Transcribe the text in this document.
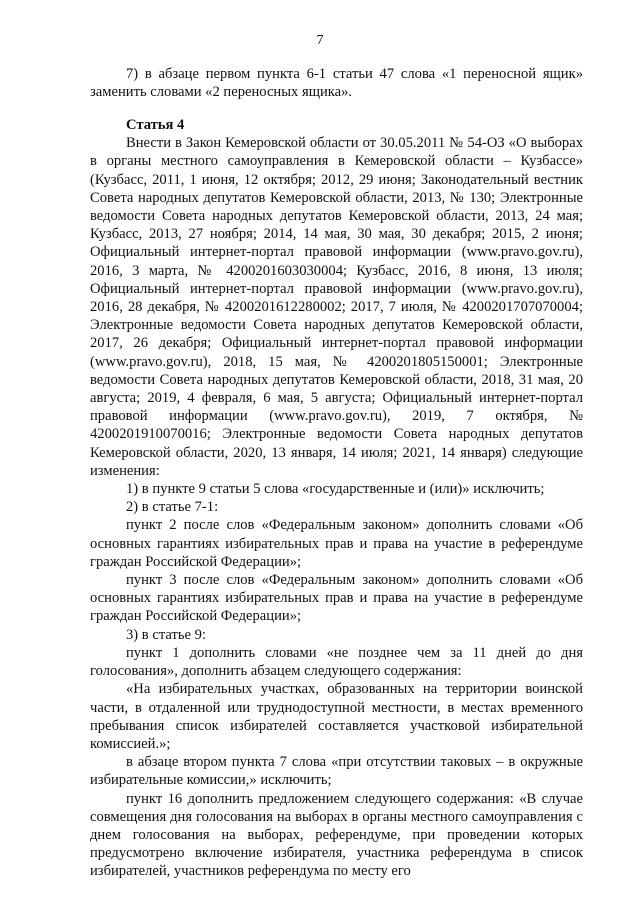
7

7) в абзаце первом пункта 6-1 статьи 47 слова «1 переносной ящик» заменить словами «2 переносных ящика».

Статья 4

Внести в Закон Кемеровской области от 30.05.2011 № 54-ОЗ «О выборах в органы местного самоуправления в Кемеровской области – Кузбассе» (Кузбасс, 2011, 1 июня, 12 октября; 2012, 29 июня; Законодательный вестник Совета народных депутатов Кемеровской области, 2013, № 130; Электронные ведомости Совета народных депутатов Кемеровской области, 2013, 24 мая; Кузбасс, 2013, 27 ноября; 2014, 14 мая, 30 мая, 30 декабря; 2015, 2 июня; Официальный интернет-портал правовой информации (www.pravo.gov.ru), 2016, 3 марта, № 4200201603030004; Кузбасс, 2016, 8 июня, 13 июля; Официальный интернет-портал правовой информации (www.pravo.gov.ru), 2016, 28 декабря, № 4200201612280002; 2017, 7 июля, № 4200201707070004; Электронные ведомости Совета народных депутатов Кемеровской области, 2017, 26 декабря; Официальный интернет-портал правовой информации (www.pravo.gov.ru), 2018, 15 мая, № 4200201805150001; Электронные ведомости Совета народных депутатов Кемеровской области, 2018, 31 мая, 20 августа; 2019, 4 февраля, 6 мая, 5 августа; Официальный интернет-портал правовой информации (www.pravo.gov.ru), 2019, 7 октября, № 4200201910070016; Электронные ведомости Совета народных депутатов Кемеровской области, 2020, 13 января, 14 июля; 2021, 14 января) следующие изменения:

1) в пункте 9 статьи 5 слова «государственные и (или)» исключить;

2) в статье 7-1:

пункт 2 после слов «Федеральным законом» дополнить словами «Об основных гарантиях избирательных прав и права на участие в референдуме граждан Российской Федерации»;

пункт 3 после слов «Федеральным законом» дополнить словами «Об основных гарантиях избирательных прав и права на участие в референдуме граждан Российской Федерации»;

3) в статье 9:

пункт 1 дополнить словами «не позднее чем за 11 дней до дня голосования», дополнить абзацем следующего содержания:

«На избирательных участках, образованных на территории воинской части, в отдаленной или труднодоступной местности, в местах временного пребывания список избирателей составляется участковой избирательной комиссией.»;

в абзаце втором пункта 7 слова «при отсутствии таковых – в окружные избирательные комиссии,» исключить;

пункт 16 дополнить предложением следующего содержания: «В случае совмещения дня голосования на выборах в органы местного самоуправления с днем голосования на выборах, референдуме, при проведении которых предусмотрено включение избирателя, участника референдума в список избирателей, участников референдума по месту его
